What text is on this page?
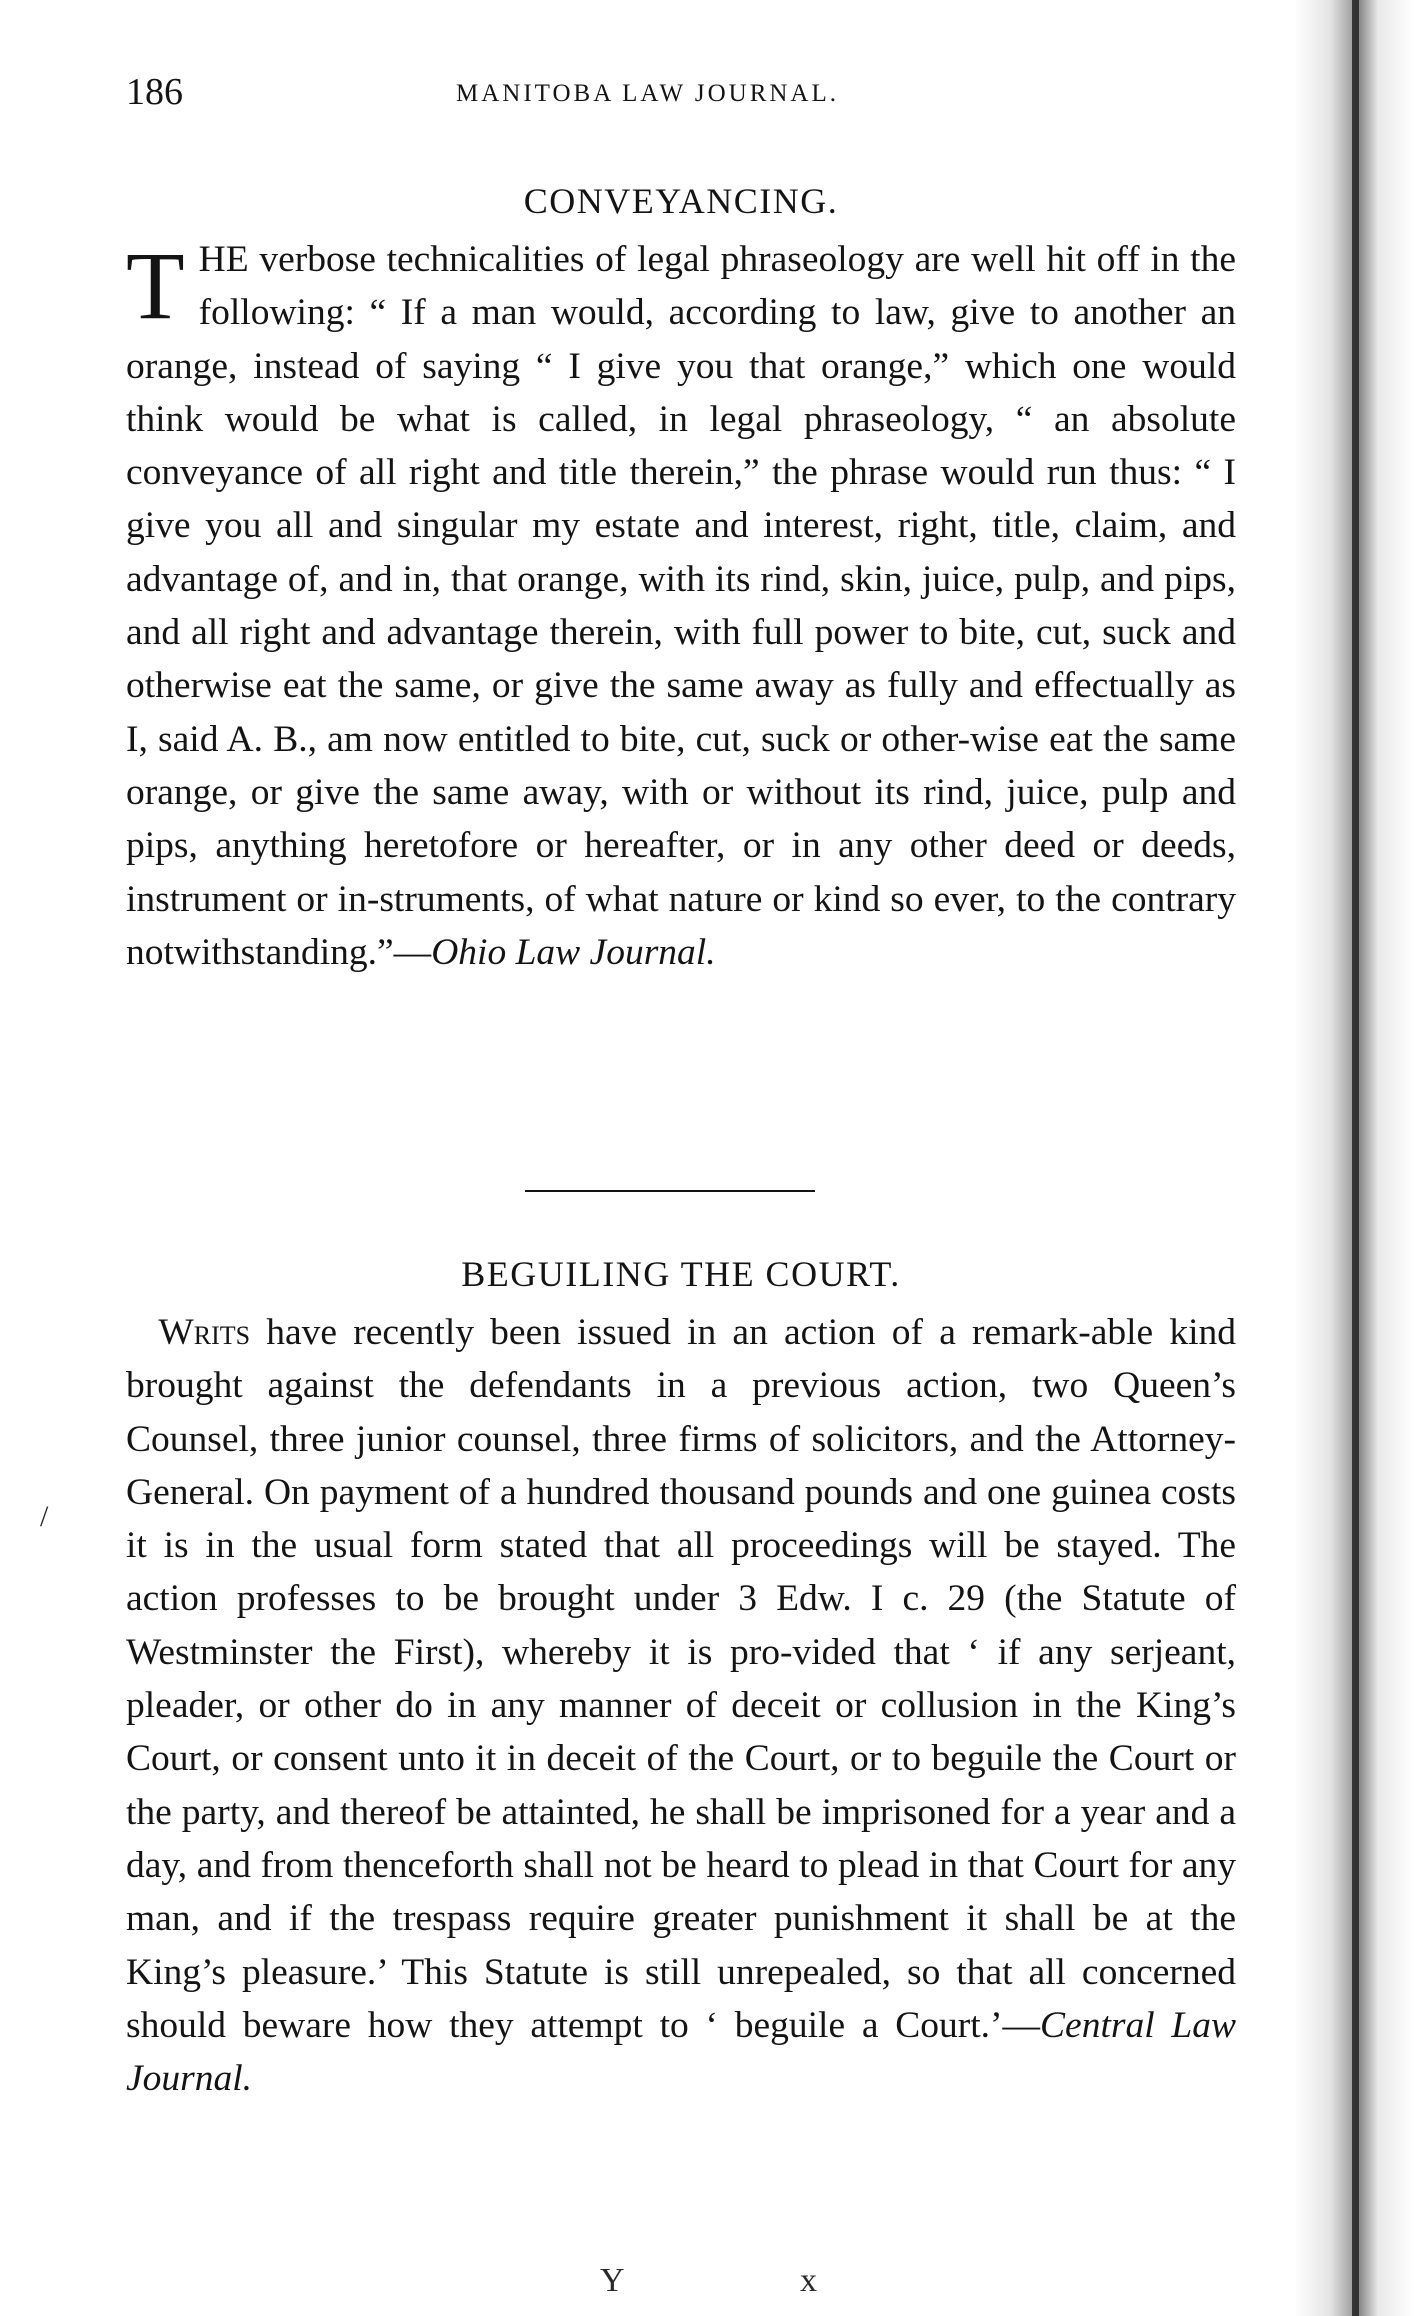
186	MANITOBA LAW JOURNAL.
CONVEYANCING.

THE verbose technicalities of legal phraseology are well hit off in the following: “ If a man would, according to law, give to another an orange, instead of saying “ I give you that orange,” which one would think would be what is called, in legal phraseology, “ an absolute conveyance of all right and title therein,” the phrase would run thus: “ I give you all and singular my estate and interest, right, title, claim, and advantage of, and in, that orange, with its rind, skin, juice, pulp, and pips, and all right and advantage therein, with full power to bite, cut, suck and otherwise eat the same, or give the same away as fully and effectually as I, said A. B., am now entitled to bite, cut, suck or other-wise eat the same orange, or give the same away, with or without its rind, juice, pulp and pips, anything heretofore or hereafter, or in any other deed or deeds, instrument or in-struments, of what nature or kind so ever, to the contrary notwithstanding.”—Ohio Law Journal.

BEGUILING THE COURT.

Writs have recently been issued in an action of a remark-able kind brought against the defendants in a previous action, two Queen’s Counsel, three junior counsel, three firms of solicitors, and the Attorney-General. On payment of a hundred thousand pounds and one guinea costs it is in the usual form stated that all proceedings will be stayed. The action professes to be brought under 3 Edw. I c. 29 (the Statute of Westminster the First), whereby it is pro-vided that ‘ if any serjeant, pleader, or other do in any manner of deceit or collusion in the King’s Court, or consent unto it in deceit of the Court, or to beguile the Court or the party, and thereof be attainted, he shall be imprisoned for a year and a day, and from thenceforth shall not be heard to plead in that Court for any man, and if the trespass require greater punishment it shall be at the King’s pleasure.’ This Statute is still unrepealed, so that all concerned should beware how they attempt to ‘ beguile a Court.’—Central Law Journal.

/
Y	x
